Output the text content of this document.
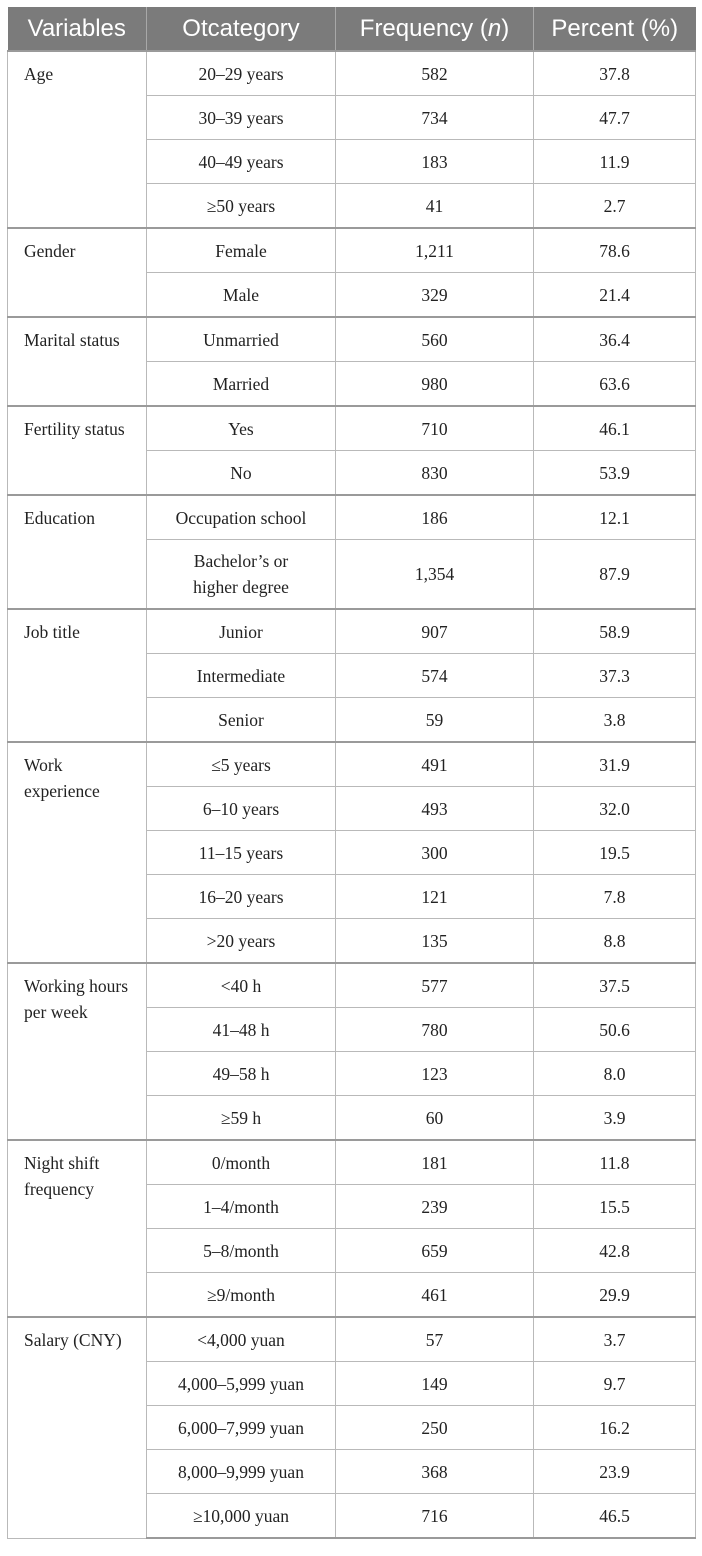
Variables	Otcategory	Frequency (n)	Percent (%)
Age	20–29 years	582	37.8
	30–39 years	734	47.7
	40–49 years	183	11.9
	≥50 years	41	2.7
Gender	Female	1,211	78.6
	Male	329	21.4
Marital status	Unmarried	560	36.4
	Married	980	63.6
Fertility status	Yes	710	46.1
	No	830	53.9
Education	Occupation school	186	12.1
	Bachelor’s or higher degree	1,354	87.9
Job title	Junior	907	58.9
	Intermediate	574	37.3
	Senior	59	3.8
Work experience	≤5 years	491	31.9
	6–10 years	493	32.0
	11–15 years	300	19.5
	16–20 years	121	7.8
	>20 years	135	8.8
Working hours per week	<40 h	577	37.5
	41–48 h	780	50.6
	49–58 h	123	8.0
	≥59 h	60	3.9
Night shift frequency	0/month	181	11.8
	1–4/month	239	15.5
	5–8/month	659	42.8
	≥9/month	461	29.9
Salary (CNY)	<4,000 yuan	57	3.7
	4,000–5,999 yuan	149	9.7
	6,000–7,999 yuan	250	16.2
	8,000–9,999 yuan	368	23.9
	≥10,000 yuan	716	46.5
